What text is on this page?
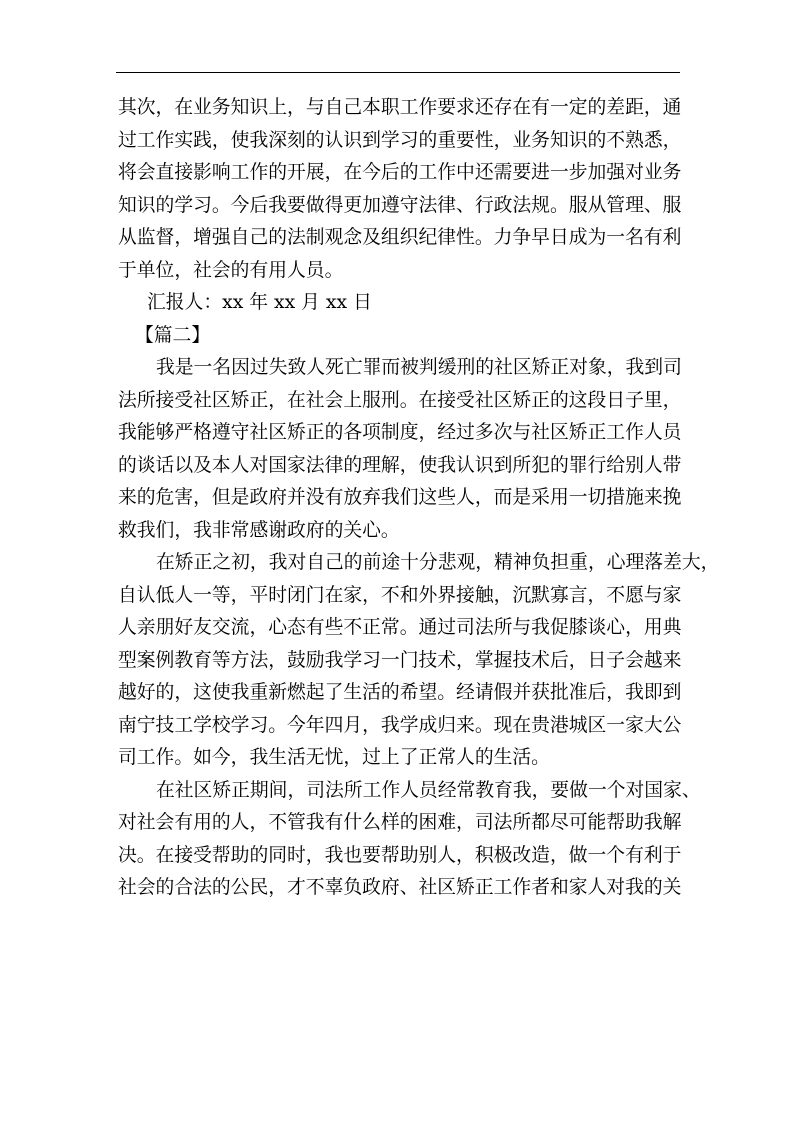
其次，在业务知识上，与自己本职工作要求还存在有一定的差距，通
过工作实践，使我深刻的认识到学习的重要性，业务知识的不熟悉，
将会直接影响工作的开展，在今后的工作中还需要进一步加强对业务
知识的学习。今后我要做得更加遵守法律、行政法规。服从管理、服
从监督，增强自己的法制观念及组织纪律性。力争早日成为一名有利
于单位，社会的有用人员。

汇报人：xx 年 xx 月 xx 日

【篇二】

我是一名因过失致人死亡罪而被判缓刑的社区矫正对象，我到司
法所接受社区矫正，在社会上服刑。在接受社区矫正的这段日子里，
我能够严格遵守社区矫正的各项制度，经过多次与社区矫正工作人员
的谈话以及本人对国家法律的理解，使我认识到所犯的罪行给别人带
来的危害，但是政府并没有放弃我们这些人，而是采用一切措施来挽
救我们，我非常感谢政府的关心。

在矫正之初，我对自己的前途十分悲观，精神负担重，心理落差大，
自认低人一等，平时闭门在家，不和外界接触，沉默寡言，不愿与家
人亲朋好友交流，心态有些不正常。通过司法所与我促膝谈心，用典
型案例教育等方法，鼓励我学习一门技术，掌握技术后，日子会越来
越好的，这使我重新燃起了生活的希望。经请假并获批准后，我即到
南宁技工学校学习。今年四月，我学成归来。现在贵港城区一家大公
司工作。如今，我生活无忧，过上了正常人的生活。

在社区矫正期间，司法所工作人员经常教育我，要做一个对国家、
对社会有用的人，不管我有什么样的困难，司法所都尽可能帮助我解
决。在接受帮助的同时，我也要帮助别人，积极改造，做一个有利于
社会的合法的公民，才不辜负政府、社区矫正工作者和家人对我的关
